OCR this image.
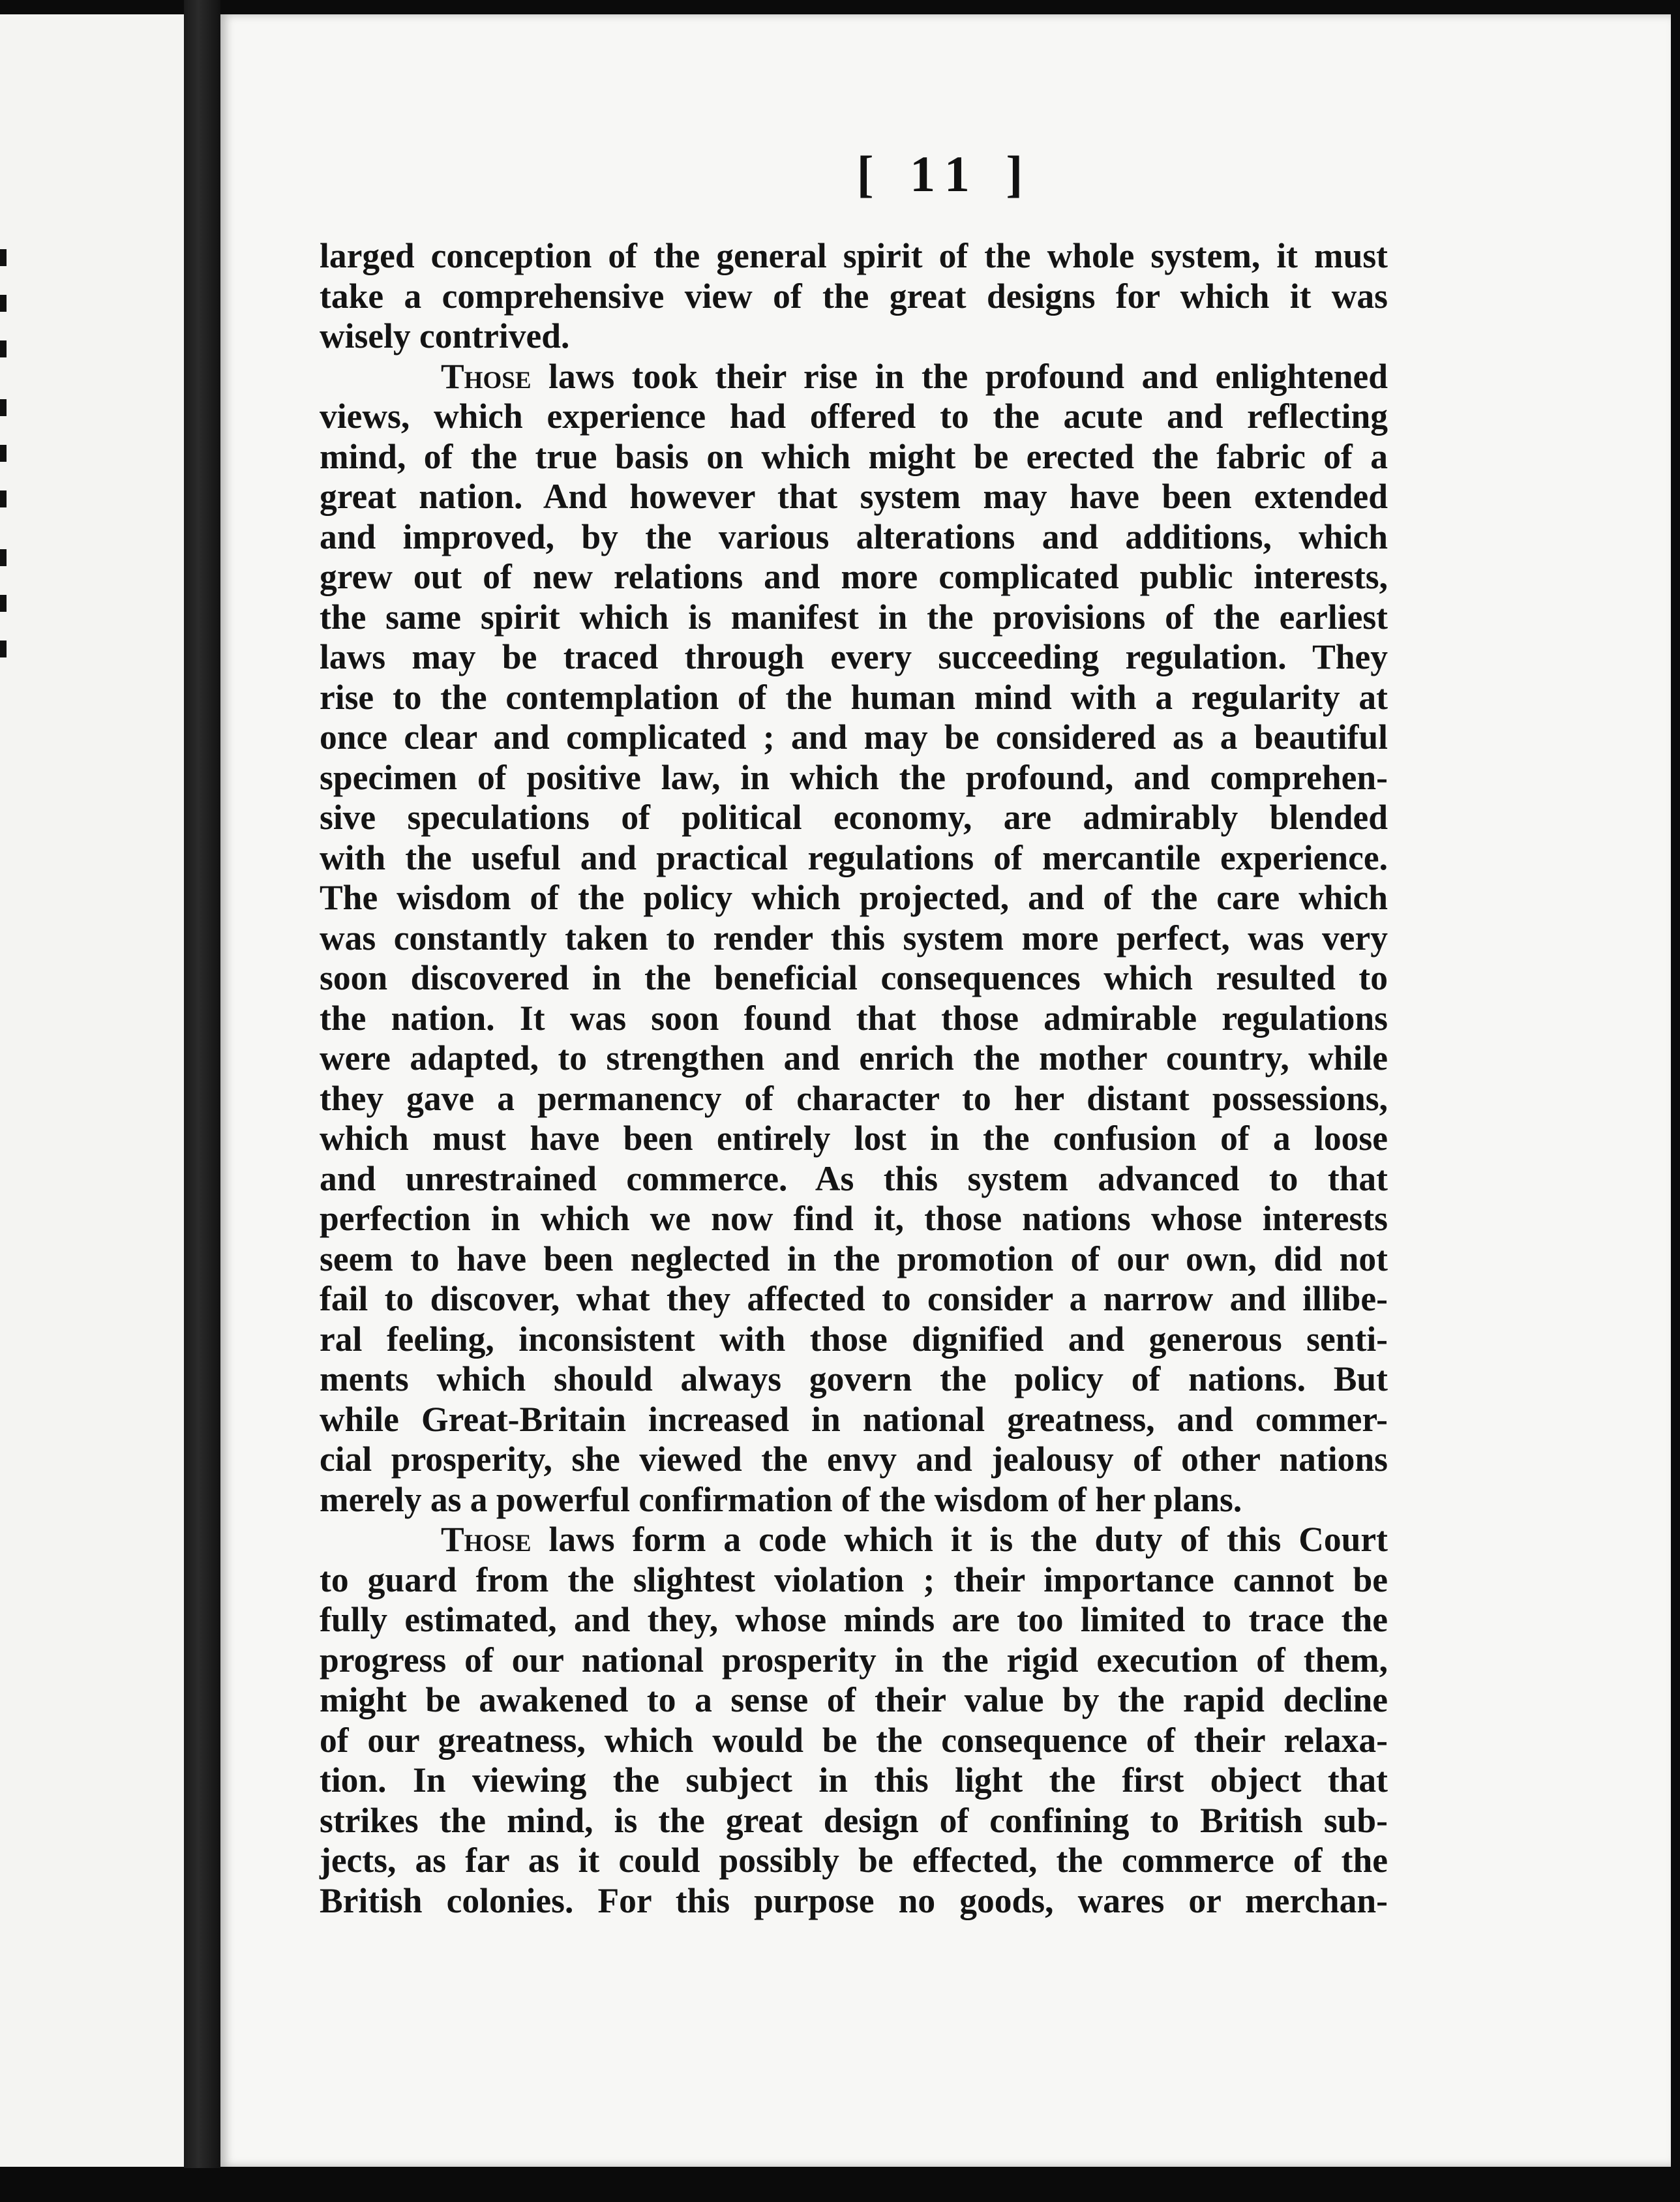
[ 11 ]
larged conception of the general spirit of the whole system, it must
take a comprehensive view of the great designs for which it was
wisely contrived.
Those laws took their rise in the profound and enlightened
views, which experience had offered to the acute and reflecting
mind, of the true basis on which might be erected the fabric of a
great nation. And however that system may have been extended
and improved, by the various alterations and additions, which
grew out of new relations and more complicated public interests,
the same spirit which is manifest in the provisions of the earliest
laws may be traced through every succeeding regulation. They
rise to the contemplation of the human mind with a regularity at
once clear and complicated ; and may be considered as a beautiful
specimen of positive law, in which the profound, and comprehen-
sive speculations of political economy, are admirably blended
with the useful and practical regulations of mercantile experience.
The wisdom of the policy which projected, and of the care which
was constantly taken to render this system more perfect, was very
soon discovered in the beneficial consequences which resulted to
the nation. It was soon found that those admirable regulations
were adapted, to strengthen and enrich the mother country, while
they gave a permanency of character to her distant possessions,
which must have been entirely lost in the confusion of a loose
and unrestrained commerce. As this system advanced to that
perfection in which we now find it, those nations whose interests
seem to have been neglected in the promotion of our own, did not
fail to discover, what they affected to consider a narrow and illibe-
ral feeling, inconsistent with those dignified and generous senti-
ments which should always govern the policy of nations. But
while Great-Britain increased in national greatness, and commer-
cial prosperity, she viewed the envy and jealousy of other nations
merely as a powerful confirmation of the wisdom of her plans.
Those laws form a code which it is the duty of this Court
to guard from the slightest violation ; their importance cannot be
fully estimated, and they, whose minds are too limited to trace the
progress of our national prosperity in the rigid execution of them,
might be awakened to a sense of their value by the rapid decline
of our greatness, which would be the consequence of their relaxa-
tion. In viewing the subject in this light the first object that
strikes the mind, is the great design of confining to British sub-
jects, as far as it could possibly be effected, the commerce of the
British colonies. For this purpose no goods, wares or merchan-
